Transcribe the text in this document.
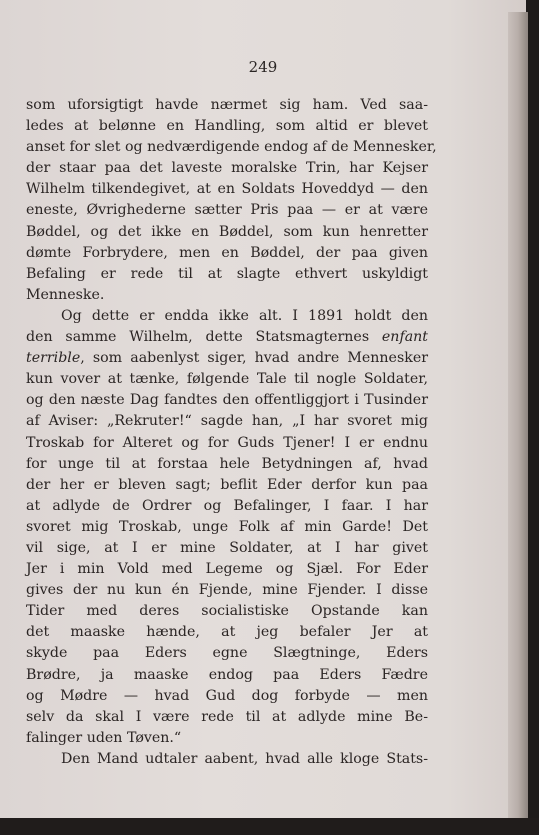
249

som uforsigtigt havde nærmet sig ham. Ved saa-
ledes at belønne en Handling, som altid er blevet
anset for slet og nedværdigende endog af de Mennesker,
der staar paa det laveste moralske Trin, har Kejser
Wilhelm tilkendegivet, at en Soldats Hoveddyd — den
eneste, Øvrighederne sætter Pris paa — er at være
Bøddel, og det ikke en Bøddel, som kun henretter
dømte Forbrydere, men en Bøddel, der paa given
Befaling er rede til at slagte ethvert uskyldigt
Menneske.
Og dette er endda ikke alt. I 1891 holdt den
den samme Wilhelm, dette Statsmagternes enfant
terrible, som aabenlyst siger, hvad andre Mennesker
kun vover at tænke, følgende Tale til nogle Soldater,
og den næste Dag fandtes den offentliggjort i Tusinder
af Aviser: „Rekruter!“ sagde han, „I har svoret mig
Troskab for Alteret og for Guds Tjener! I er endnu
for unge til at forstaa hele Betydningen af, hvad
der her er bleven sagt; beflit Eder derfor kun paa
at adlyde de Ordrer og Befalinger, I faar. I har
svoret mig Troskab, unge Folk af min Garde! Det
vil sige, at I er mine Soldater, at I har givet
Jer i min Vold med Legeme og Sjæl. For Eder
gives der nu kun én Fjende, mine Fjender. I disse
Tider med deres socialistiske Opstande kan
det maaske hænde, at jeg befaler Jer at
skyde paa Eders egne Slægtninge, Eders
Brødre, ja maaske endog paa Eders Fædre
og Mødre — hvad Gud dog forbyde — men
selv da skal I være rede til at adlyde mine Be-
falinger uden Tøven.“
Den Mand udtaler aabent, hvad alle kloge Stats-
